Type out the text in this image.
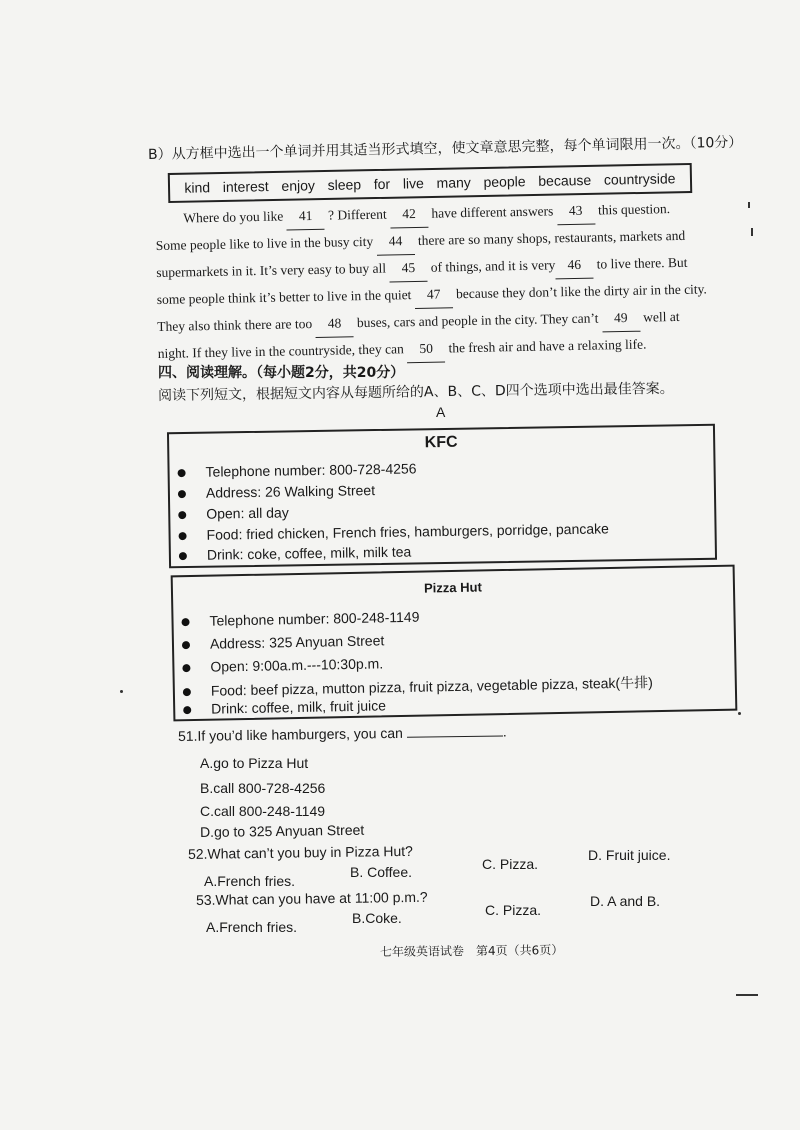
B）从方框中选出一个单词并用其适当形式填空，使文章意思完整，每个单词限用一次。（10分）
kind interest enjoy sleep for live many people because countryside
Where do you like 41 ? Different 42 have different answers 43 this question.
Some people like to live in the busy city 44 there are so many shops, restaurants, markets and
supermarkets in it. It’s very easy to buy all 45 of things, and it is very 46 to live there. But
some people think it’s better to live in the quiet 47 because they don’t like the dirty air in the city.
They also think there are too 48 buses, cars and people in the city. They can’t 49 well at
night. If they live in the countryside, they can 50 the fresh air and have a relaxing life.
四、阅读理解。（每小题2分，共20分）
阅读下列短文，根据短文内容从每题所给的A、B、C、D四个选项中选出最佳答案。
A
KFC
Telephone number: 800-728-4256
Address: 26 Walking Street
Open: all day
Food: fried chicken, French fries, hamburgers, porridge, pancake
Drink: coke, coffee, milk, milk tea
Pizza Hut
Telephone number: 800-248-1149
Address: 325 Anyuan Street
Open: 9:00a.m.---10:30p.m.
Food: beef pizza, mutton pizza, fruit pizza, vegetable pizza, steak(牛排)
Drink: coffee, milk, fruit juice
51.If you’d like hamburgers, you can	.
A.go to Pizza Hut
B.call 800-728-4256
C.call 800-248-1149
D.go to 325 Anyuan Street
52.What can’t you buy in Pizza Hut?
A.French fries.
B. Coffee.	C. Pizza.
D. Fruit juice.
53.What can you have at 11:00 p.m.?
A.French fries.
B.Coke.	C. Pizza.
D. A and B.
七年级英语试卷　第4页（共6页）
